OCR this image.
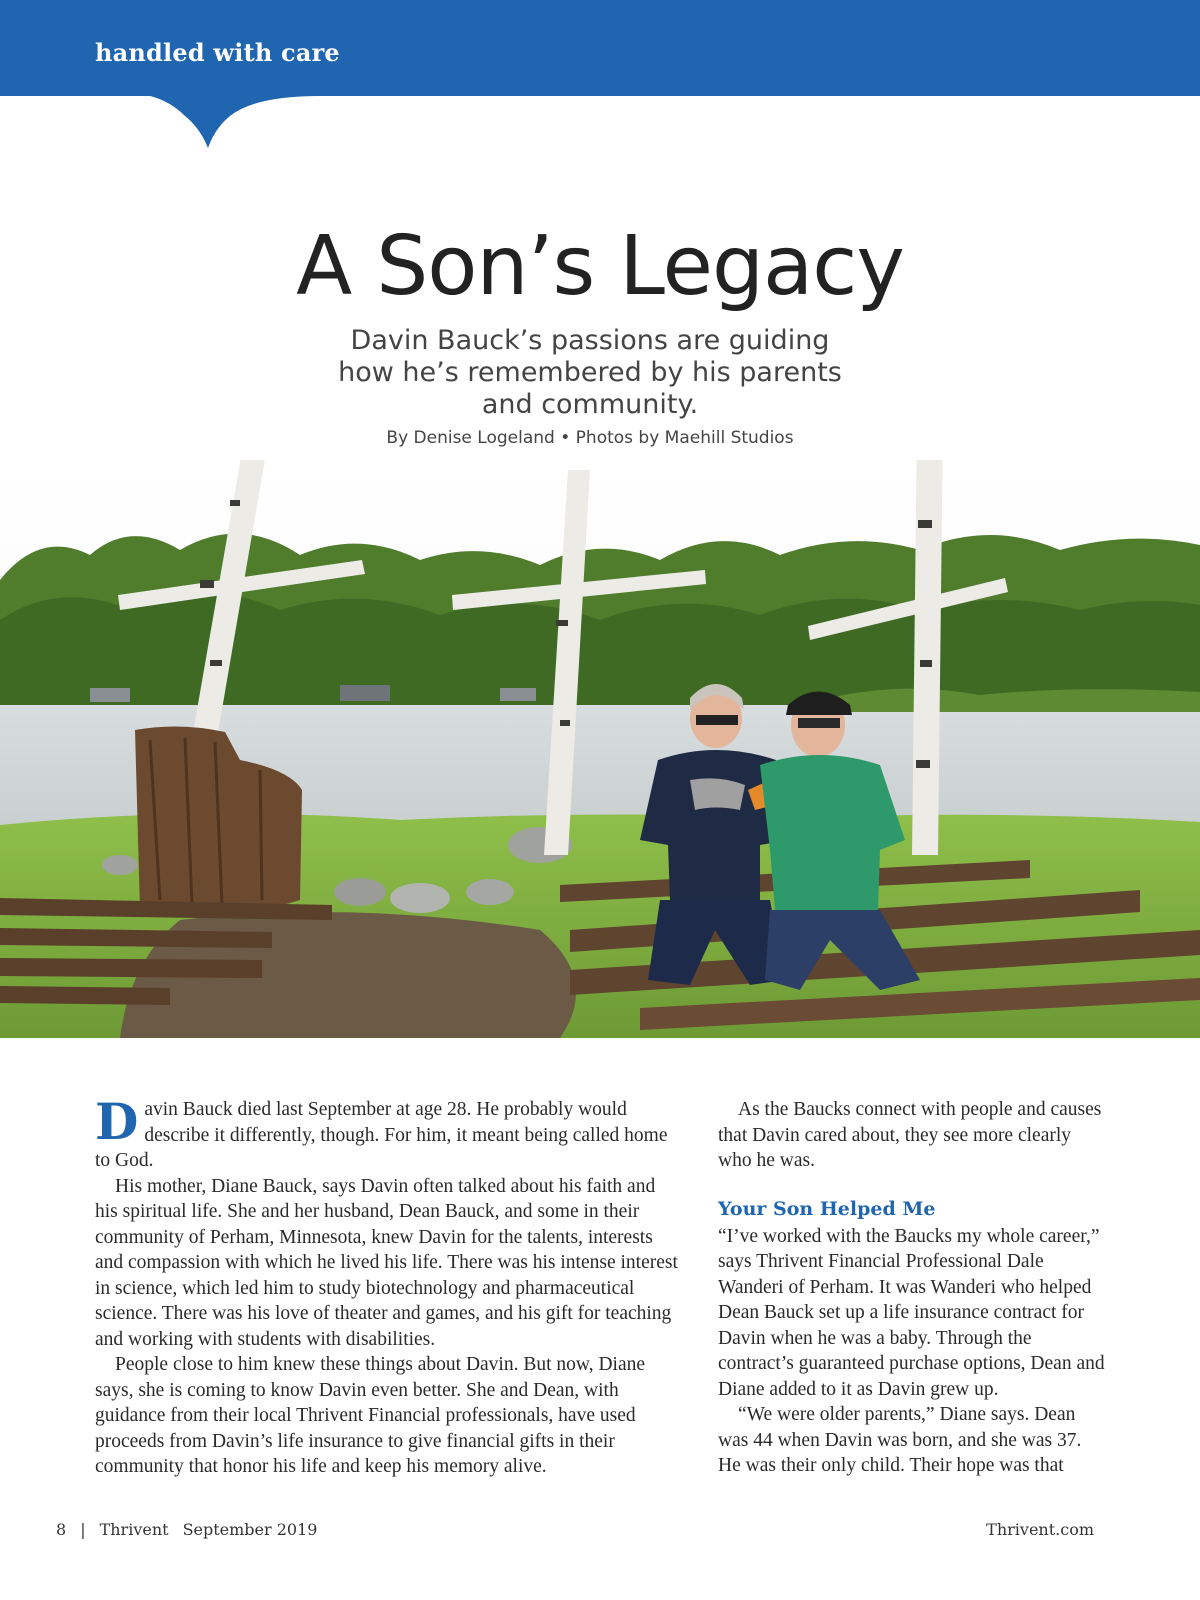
handled with care
A Son’s Legacy
Davin Bauck’s passions are guiding how he’s remembered by his parents and community.
By Denise Logeland • Photos by Maehill Studios

Davin Bauck died last September at age 28. He probably would describe it differently, though. For him, it meant being called home to God.

His mother, Diane Bauck, says Davin often talked about his faith and his spiritual life. She and her husband, Dean Bauck, and some in their community of Perham, Minnesota, knew Davin for the talents, interests and compassion with which he lived his life. There was his intense interest in science, which led him to study biotechnology and pharmaceutical science. There was his love of theater and games, and his gift for teaching and working with students with disabilities.

People close to him knew these things about Davin. But now, Diane says, she is coming to know Davin even better. She and Dean, with guidance from their local Thrivent Financial professionals, have used proceeds from Davin’s life insurance to give financial gifts in their community that honor his life and keep his memory alive.

As the Baucks connect with people and causes that Davin cared about, they see more clearly who he was.

Your Son Helped Me

“I’ve worked with the Baucks my whole career,” says Thrivent Financial Professional Dale Wanderi of Perham. It was Wanderi who helped Dean Bauck set up a life insurance contract for Davin when he was a baby. Through the contract’s guaranteed purchase options, Dean and Diane added to it as Davin grew up.

“We were older parents,” Diane says. Dean was 44 when Davin was born, and she was 37. He was their only child. Their hope was that

8 | Thrivent September 2019	Thrivent.com
